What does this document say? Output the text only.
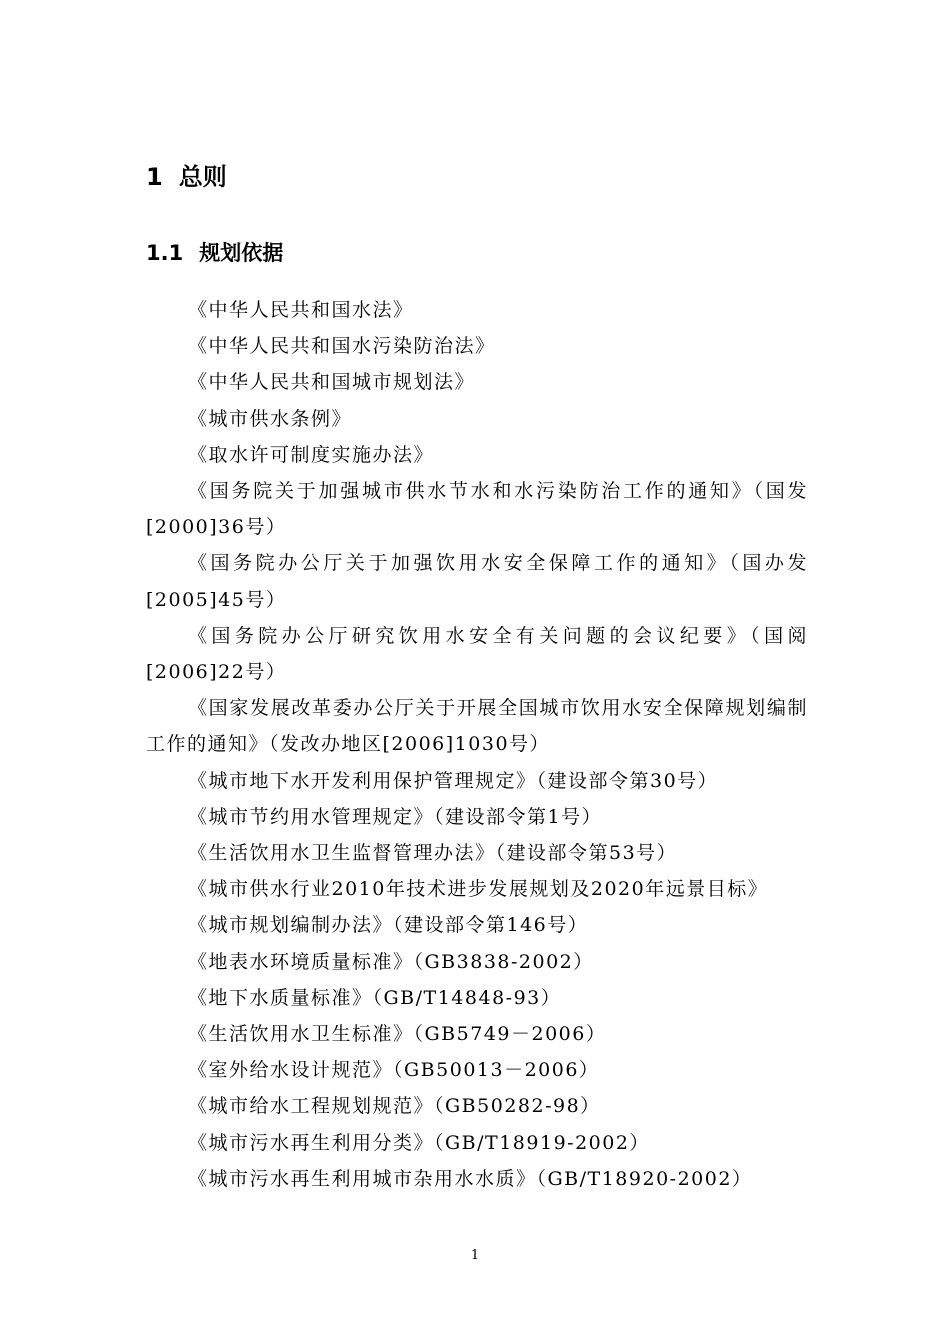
1 总则
1.1 规划依据

《中华人民共和国水法》

《中华人民共和国水污染防治法》

《中华人民共和国城市规划法》

《城市供水条例》

《取水许可制度实施办法》

《国务院关于加强城市供水节水和水污染防治工作的通知》（国发[2000]36号）

《国务院办公厅关于加强饮用水安全保障工作的通知》（国办发[2005]45号）

《国务院办公厅研究饮用水安全有关问题的会议纪要》（国阅[2006]22号）

《国家发展改革委办公厅关于开展全国城市饮用水安全保障规划编制工作的通知》（发改办地区[2006]1030号）

《城市地下水开发利用保护管理规定》（建设部令第30号）

《城市节约用水管理规定》（建设部令第1号）

《生活饮用水卫生监督管理办法》（建设部令第53号）

《城市供水行业2010年技术进步发展规划及2020年远景目标》

《城市规划编制办法》（建设部令第146号）

《地表水环境质量标准》（GB3838-2002）

《地下水质量标准》（GB/T14848-93）

《生活饮用水卫生标准》（GB5749－2006）

《室外给水设计规范》（GB50013－2006）

《城市给水工程规划规范》（GB50282-98）

《城市污水再生利用分类》（GB/T18919-2002）

《城市污水再生利用城市杂用水水质》（GB/T18920-2002）

1
